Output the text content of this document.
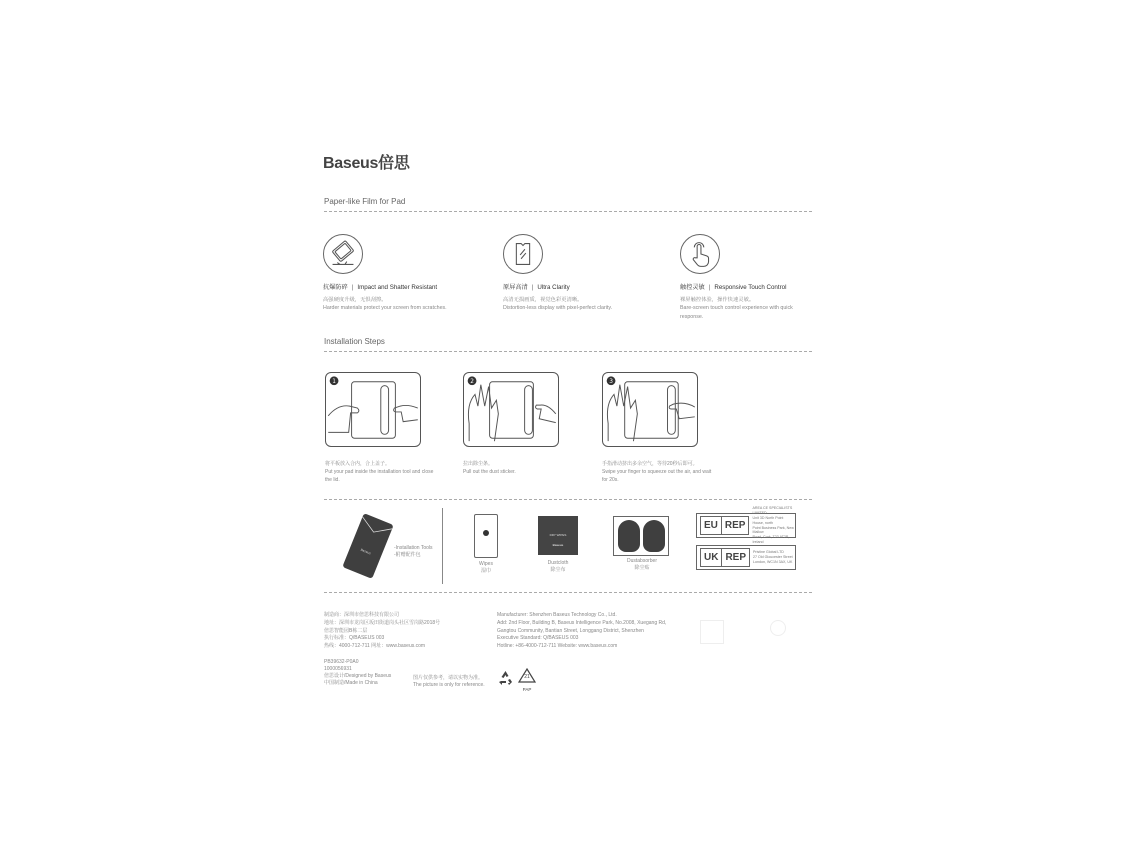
Baseus倍思
Paper-like Film for Pad
抗爆防碎 | Impact and Shatter Resistant
高强硬度升级，无惧刮擦。
Harder materials protect your screen from scratches.
原屏高清 | Ultra Clarity
高清无损画质，视觉色彩更清晰。
Distortion-less display with pixel-perfect clarity.
触控灵敏 | Responsive Touch Control
裸屏触控体验，操作快速灵敏。
Bare-screen touch control experience with quick response.
Installation Steps
1
将平板放入合内，合上盖子。
Put your pad inside the installation tool and close the lid.
2
拉出除尘条。
Pull out the dust sticker.
3
手指滑动挤出多余空气，等待20秒后即可。
Swipe your finger to squeeze out the air, and wait for 20s.
Baseus	-Installation Tools
-附赠配件包
Wipes
湿巾
DRY WIPES
Baseus
Dustcloth
除尘布
Dustabsorber
除尘贴
EU REP
AREA CE SPECIALISTS LIMITED
Unit 3D North Point House, north
Point Business Park, New Mallow
Road, Cork, T23 AT2P, Ireland
UK REP	Pristine Global LTD
27 Old Gloucester Street
London, WC1N 3AX, UK
制造商：深圳市倍思科技有限公司
地址：深圳市龙岗区坂田街道岗头社区雪岗路2018号
倍思智能园B栋二层
执行标准：Q/BASEUS 003
热线：4000-712-711 网址：www.baseus.com
Manufacturer: Shenzhen Baseus Technology Co., Ltd.
Add: 2nd Floor, Building B, Baseus Intelligence Park, No.2008, Xuegang Rd,
Gangtou Community, Bantian Street, Longgang District, Shenzhen
Executive Standard: Q/BASEUS 003
Hotline: +86-4000-712-711 Website: www.baseus.com
PB39632-P0A0
1000056931
倍思设计/Designed by Baseus
中国制造/Made in China
图片仅供参考，请以实物为准。
The picture is only for reference.
21
PAP
